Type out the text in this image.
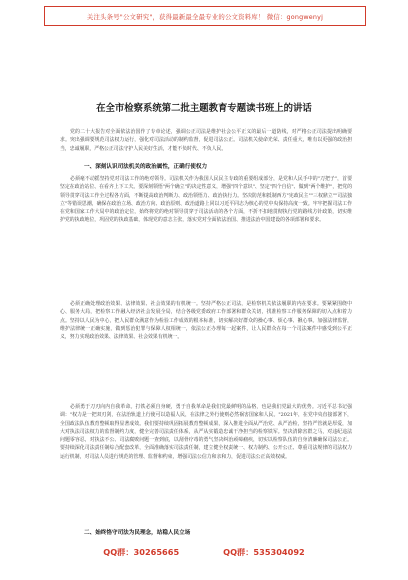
关注头条号"公文研究"，获得最新最全最专业的公文资料库！ 微信：gongwenyj
在全市检察系统第二批主题教育专题读书班上的讲话

党的二十大报告对全面依法治国作了专章论述，强调公正司法是维护社会公平正义的最后一道防线，对严格公正司法提出明确要求。突出强调要规范司法权力运行，强化对司法活动的制约监督，促进司法公正。司法机关使命光荣、责任重大，唯有以更强的政治担当，忠诚履职，严格公正司法守护人民美好生活，才能不负时代、不负人民。

一、深刻认识司法机关的政治属性，正确行使权力

必须毫不动摇坚持党对司法工作的绝对领导。司法机关作为我国人民民主专政的重要组成部分，是党和人民手中的"刀把子"，首要坚定在政治站位、在看齐上下工夫。要深刻领悟"两个确立"的决定性意义，增强"四个意识"、坚定"四个自信"、做到"两个维护"，把党的领导贯穿司法工作全过程各方面，不断提高政治判断力、政治领悟力、政治执行力。坚决防范和抵制西方"宪政民主""三权鼎立""司法独立"等错误思潮，确保在政治立场、政治方向、政治原则、政治道路上同以习近平同志为核心的党中央保持高度一致。牢牢把握司法工作在党和国家工作大局中的政治定位，始终将党的绝对领导贯穿于司法活动的各个方面，不折不扣地贯彻执行党的路线方针政策，切实维护党的执政地位，巩固党的执政基础，体现党的意志主张，落实党对全面依法治国、推进法治中国建设的各项部署和要求。

必须正确处理政治效果、法律效果、社会效果的有机统一。坚持严格公正司法，是检察机关依法履职的内在要求。要紧紧围绕中心、服务大局，把检察工作融入经济社会发展全局，结合各级党委政府工作部署和群众关切，找准检察工作服务保障的切入点和着力点。坚持以人民为中心，把人民群众满意作为检验工作成效的根本标准，切实解决好群众的操心事、烦心事、揪心事。加强法律监督，维护法律统一正确实施，做到惩治犯罪与保障人权相统一，依法公正办理每一起案件，让人民群众在每一个司法案件中感受到公平正义，努力实现政治效果、法律效果、社会效果有机统一。

必须勇于刀刃向内自我革命。打铁必须自身硬，勇于自我革命是我们党最鲜明的品格，也是我们党最大的优势。习近平总书记强调："权力是一把双刃剑，在法治轨道上行使可以造福人民，在法律之外行使则必然祸害国家和人民。"2021年，在党中央直接部署下，全国政法队伍教育整顿取得显著成效。我们要持续巩固拓展教育整顿成果，深入推进全面从严治党、从严治检，坚持严管就是厚爱，加大对执法司法权力的监督制约力度，健全完善司法责任体系，从严从实锻造忠诚干净担当的检察铁军。坚决清除害群之马，对违纪违法问题零容忍，对执法不公、司法腐败问题一查到底，以刮骨疗毒的勇气坚决纠治顽瘴痼疾，切实以检察队伍的自身清廉确保司法公正。要持续深化司法责任制综合配套改革，全面准确落实司法责任制，建立健全权责统一、权力制约、公开公正、尊重司法规律的司法权力运行机制，对司法人员进行规范的管理、监督和约束，增强司法公信力和亲和力，促进司法公正高效权威。

二、始终恪守司法为民理念，站稳人民立场
QQ群：30265665	QQ群：535304092
